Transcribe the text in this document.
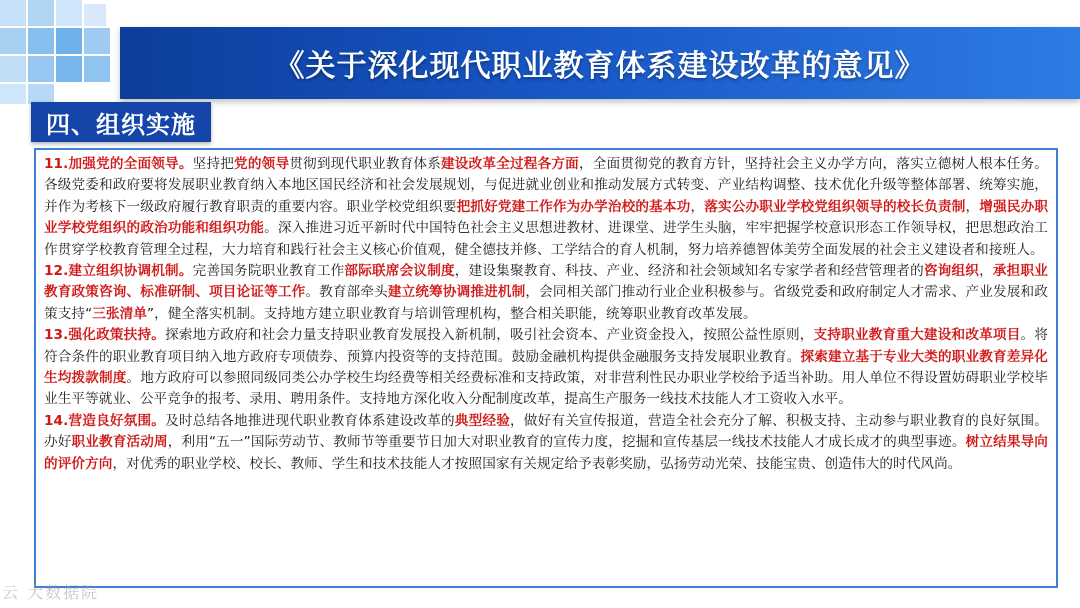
《关于深化现代职业教育体系建设改革的意见》
四、组织实施

11.加强党的全面领导。坚持把党的领导贯彻到现代职业教育体系建设改革全过程各方面，全面贯彻党的教育方针，坚持社会主义办学方向，落实立德树人根本任务。各级党委和政府要将发展职业教育纳入本地区国民经济和社会发展规划，与促进就业创业和推动发展方式转变、产业结构调整、技术优化升级等整体部署、统筹实施，并作为考核下一级政府履行教育职责的重要内容。职业学校党组织要把抓好党建工作作为办学治校的基本功，落实公办职业学校党组织领导的校长负责制，增强民办职业学校党组织的政治功能和组织功能。深入推进习近平新时代中国特色社会主义思想进教材、进课堂、进学生头脑，牢牢把握学校意识形态工作领导权，把思想政治工作贯穿学校教育管理全过程，大力培育和践行社会主义核心价值观，健全德技并修、工学结合的育人机制，努力培养德智体美劳全面发展的社会主义建设者和接班人。

12.建立组织协调机制。完善国务院职业教育工作部际联席会议制度，建设集聚教育、科技、产业、经济和社会领域知名专家学者和经营管理者的咨询组织，承担职业教育政策咨询、标准研制、项目论证等工作。教育部牵头建立统筹协调推进机制，会同相关部门推动行业企业积极参与。省级党委和政府制定人才需求、产业发展和政策支持“三张清单”，健全落实机制。支持地方建立职业教育与培训管理机构，整合相关职能，统筹职业教育改革发展。

13.强化政策扶持。探索地方政府和社会力量支持职业教育发展投入新机制，吸引社会资本、产业资金投入，按照公益性原则，支持职业教育重大建设和改革项目。将符合条件的职业教育项目纳入地方政府专项债券、预算内投资等的支持范围。鼓励金融机构提供金融服务支持发展职业教育。探索建立基于专业大类的职业教育差异化生均拨款制度。地方政府可以参照同级同类公办学校生均经费等相关经费标准和支持政策，对非营利性民办职业学校给予适当补助。用人单位不得设置妨碍职业学校毕业生平等就业、公平竞争的报考、录用、聘用条件。支持地方深化收入分配制度改革，提高生产服务一线技术技能人才工资收入水平。

14.营造良好氛围。及时总结各地推进现代职业教育体系建设改革的典型经验，做好有关宣传报道，营造全社会充分了解、积极支持、主动参与职业教育的良好氛围。办好职业教育活动周，利用“五一”国际劳动节、教师节等重要节日加大对职业教育的宣传力度，挖掘和宣传基层一线技术技能人才成长成才的典型事迹。树立结果导向的评价方向，对优秀的职业学校、校长、教师、学生和技术技能人才按照国家有关规定给予表彰奖励，弘扬劳动光荣、技能宝贵、创造伟大的时代风尚。

云 大数据院
